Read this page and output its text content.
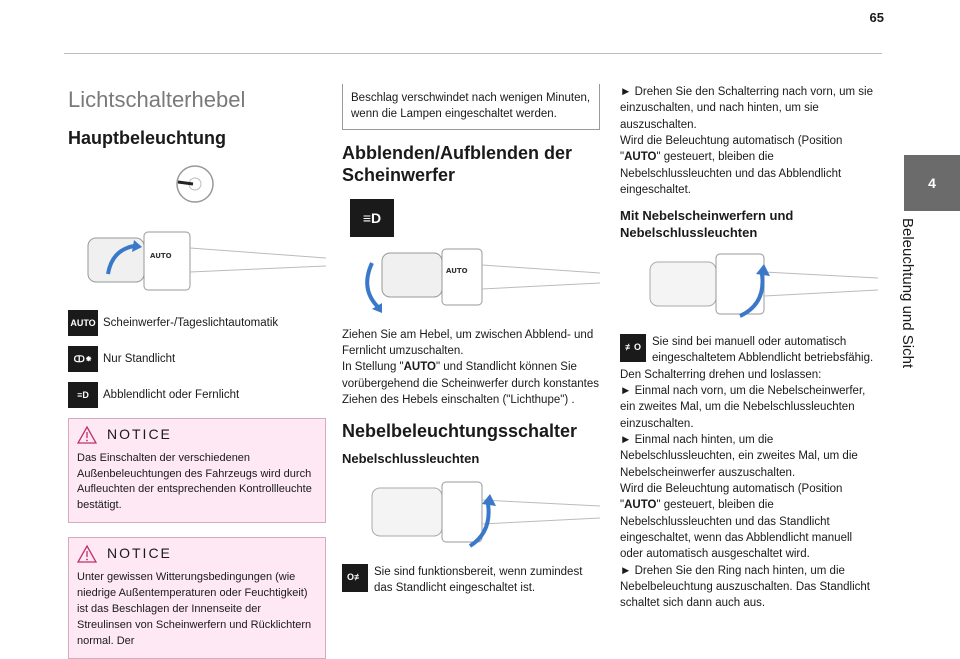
65
4
Beleuchtung und Sicht
Lichtschalterhebel
Hauptbeleuchtung
AUTO
AUTO Scheinwerfer-/Tageslichtautomatik
ↀ⁕ Nur Standlicht
≡D	Abblendlicht oder Fernlicht
NOTICE

Das Einschalten der verschiedenen Außenbeleuchtungen des Fahrzeugs wird durch Aufleuchten der entsprechenden Kontrollleuchte bestätigt.

NOTICE

Unter gewissen Witterungsbedingungen (wie niedrige Außentemperaturen oder Feuchtigkeit) ist das Beschlagen der Innenseite der Streulinsen von Scheinwerfern und Rücklichtern normal. Der

Beschlag verschwindet nach wenigen Minuten, wenn die Lampen eingeschaltet werden.

Abblenden/Aufblenden der Scheinwerfer
≡D
AUTO

Ziehen Sie am Hebel, um zwischen Abblend- und Fernlicht umzuschalten.
In Stellung "AUTO" und Standlicht können Sie vorübergehend die Scheinwerfer durch konstantes Ziehen des Hebels einschalten ("Lichthupe") .

Nebelbeleuchtungsschalter
Nebelschlussleuchten
O≢ Sie sind funktionsbereit, wenn zumindest das Standlicht eingeschaltet ist.

► Drehen Sie den Schalterring nach vorn, um sie einzuschalten, und nach hinten, um sie auszuschalten.
Wird die Beleuchtung automatisch (Position "AUTO" gesteuert, bleiben die Nebelschlussleuchten und das Abblendlicht eingeschaltet.

Mit Nebelscheinwerfern und Nebelschlussleuchten
≢O Sie sind bei manuell oder automatisch eingeschaltetem Abblendlicht betriebsfähig.

Den Schalterring drehen und loslassen:
► Einmal nach vorn, um die Nebelscheinwerfer, ein zweites Mal, um die Nebelschlussleuchten einzuschalten.
► Einmal nach hinten, um die Nebelschlussleuchten, ein zweites Mal, um die Nebelscheinwerfer auszuschalten.
Wird die Beleuchtung automatisch (Position "AUTO" gesteuert, bleiben die Nebelschlussleuchten und das Standlicht eingeschaltet, wenn das Abblendlicht manuell oder automatisch ausgeschaltet wird.
► Drehen Sie den Ring nach hinten, um die Nebelbeleuchtung auszuschalten. Das Standlicht schaltet sich dann auch aus.
